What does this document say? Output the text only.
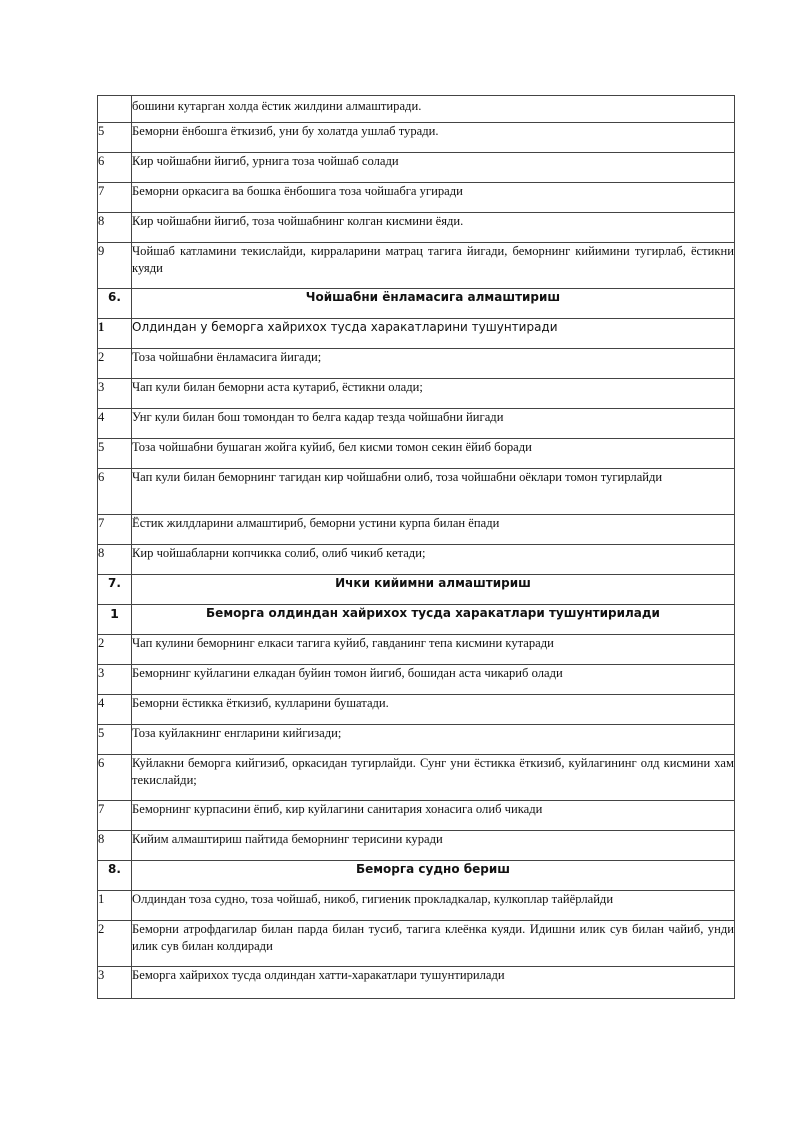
	бошини кутарган холда ёстик жилдини алмаштиради.
5	Беморни ёнбошга ёткизиб, уни бу холатда ушлаб туради.
6	Кир чойшабни йигиб, урнига тоза чойшаб солади
7	Беморни оркасига ва бошка ёнбошига тоза чойшабга угиради
8	Кир чойшабни йигиб, тоза чойшабнинг колган кисмини ёяди.
9	Чойшаб катламини текислайди, кирраларини матрац тагига йигади, беморнинг кийимини тугирлаб, ёстикни куяди
6.	Чойшабни ёнламасига алмаштириш
1	Олдиндан у беморга хайрихох тусда харакатларини тушунтиради
2	Тоза чойшабни ёнламасига йигади;
3	Чап кули билан беморни аста кутариб, ёстикни олади;
4	Унг кули билан бош томондан то белга кадар тезда чойшабни йигади
5	Тоза чойшабни бушаган жойга куйиб, бел кисми томон секин ёйиб боради
6	Чап кули билан беморнинг тагидан кир чойшабни олиб, тоза чойшабни оёклари томон тугирлайди
7	Ёстик жилдларини алмаштириб, беморни устини курпа билан ёпади
8	Кир чойшабларни копчикка солиб, олиб чикиб кетади;
7.	Ички кийимни алмаштириш
1	Беморга олдиндан хайрихох тусда харакатлари тушунтирилади
2	Чап кулини беморнинг елкаси тагига куйиб, гавданинг тепа кисмини кутаради
3	Беморнинг куйлагини елкадан буйин томон йигиб, бошидан аста чикариб олади
4	Беморни ёстикка ёткизиб, кулларини бушатади.
5	Тоза куйлакнинг енгларини кийгизади;
6	Куйлакни беморга кийгизиб, оркасидан тугирлайди. Сунг уни ёстикка ёткизиб, куйлагининг олд кисмини хам текислайди;
7	Беморнинг курпасини ёпиб, кир куйлагини санитария хонасига олиб чикади
8	Кийим алмаштириш пайтида беморнинг терисини куради
8.	Беморга судно бериш
1	Олдиндан тоза судно, тоза чойшаб, никоб, гигиеник прокладкалар, кулкоплар тайёрлайди
2	Беморни атрофдагилар билан парда билан тусиб, тагига клеёнка куяди. Идишни илик сув билан чайиб, унди илик сув билан колдиради
3	Беморга хайрихох тусда олдиндан хатти-харакатлари тушунтирилади
